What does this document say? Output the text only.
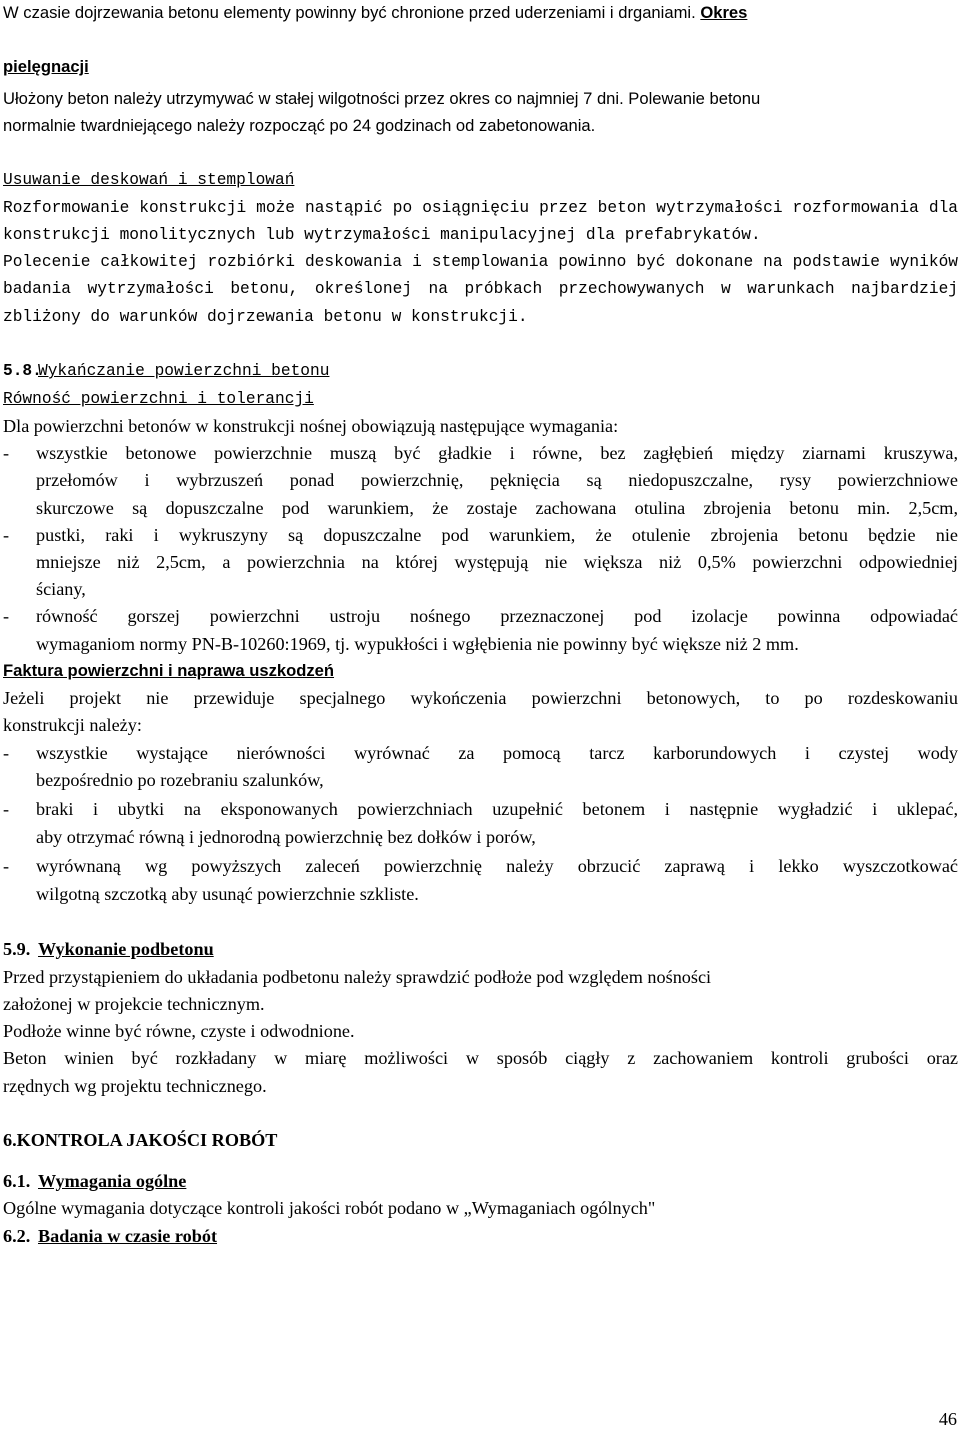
W czasie dojrzewania betonu elementy powinny być chronione przed uderzeniami i drganiami. Okres
pielęgnacji
Ułożony beton należy utrzymywać w stałej wilgotności przez okres co najmniej 7 dni. Polewanie betonu
normalnie twardniejącego należy rozpocząć po 24 godzinach od zabetonowania.
Usuwanie deskowań i stemplowań
Rozformowanie konstrukcji może nastąpić po osiągnięciu przez beton wytrzymałości rozformowania dla
konstrukcji monolitycznych lub wytrzymałości manipulacyjnej dla prefabrykatów.
Polecenie całkowitej rozbiórki deskowania i stemplowania powinno być dokonane na podstawie wyników
badania wytrzymałości betonu, określonej na próbkach przechowywanych w warunkach najbardziej
zbliżony do warunków dojrzewania betonu w konstrukcji.
5.8.Wykańczanie powierzchni betonu
Równość powierzchni i tolerancji
Dla powierzchni betonów w konstrukcji nośnej obowiązują następujące wymagania:
- wszystkie betonowe powierzchnie muszą być gładkie i równe, bez zagłębień między ziarnami kruszywa,
przełomów i wybrzuszeń ponad powierzchnię, pęknięcia są niedopuszczalne, rysy powierzchniowe
skurczowe są dopuszczalne pod warunkiem, że zostaje zachowana otulina zbrojenia betonu min. 2,5cm,
- pustki, raki i wykruszyny są dopuszczalne pod warunkiem, że otulenie zbrojenia betonu będzie nie
mniejsze niż 2,5cm, a powierzchnia na której występują nie większa niż 0,5% powierzchni odpowiedniej
ściany,
- równość gorszej powierzchni ustroju nośnego przeznaczonej pod izolacje powinna odpowiadać
wymaganiom normy PN-B-10260:1969, tj. wypukłości i wgłębienia nie powinny być większe niż 2 mm.
Faktura powierzchni i naprawa uszkodzeń
Jeżeli projekt nie przewiduje specjalnego wykończenia powierzchni betonowych, to po rozdeskowaniu
konstrukcji należy:
- wszystkie wystające nierówności wyrównać za pomocą tarcz karborundowych i czystej wody
bezpośrednio po rozebraniu szalunków,
- braki i ubytki na eksponowanych powierzchniach uzupełnić betonem i następnie wygładzić i uklepać,
aby otrzymać równą i jednorodną powierzchnię bez dołków i porów,
- wyrównaną wg powyższych zaleceń powierzchnię należy obrzucić zaprawą i lekko wyszczotkować
wilgotną szczotką aby usunąć powierzchnie szkliste.
5.9. Wykonanie podbetonu
Przed przystąpieniem do układania podbetonu należy sprawdzić podłoże pod względem nośności
założonej w projekcie technicznym.
Podłoże winne być równe, czyste i odwodnione.
Beton winien być rozkładany w miarę możliwości w sposób ciągły z zachowaniem kontroli grubości oraz
rzędnych wg projektu technicznego.
6.KONTROLA JAKOŚCI ROBÓT
6.1. Wymagania ogólne
Ogólne wymagania dotyczące kontroli jakości robót podano w „Wymaganiach ogólnych"
6.2. Badania w czasie robót
46
